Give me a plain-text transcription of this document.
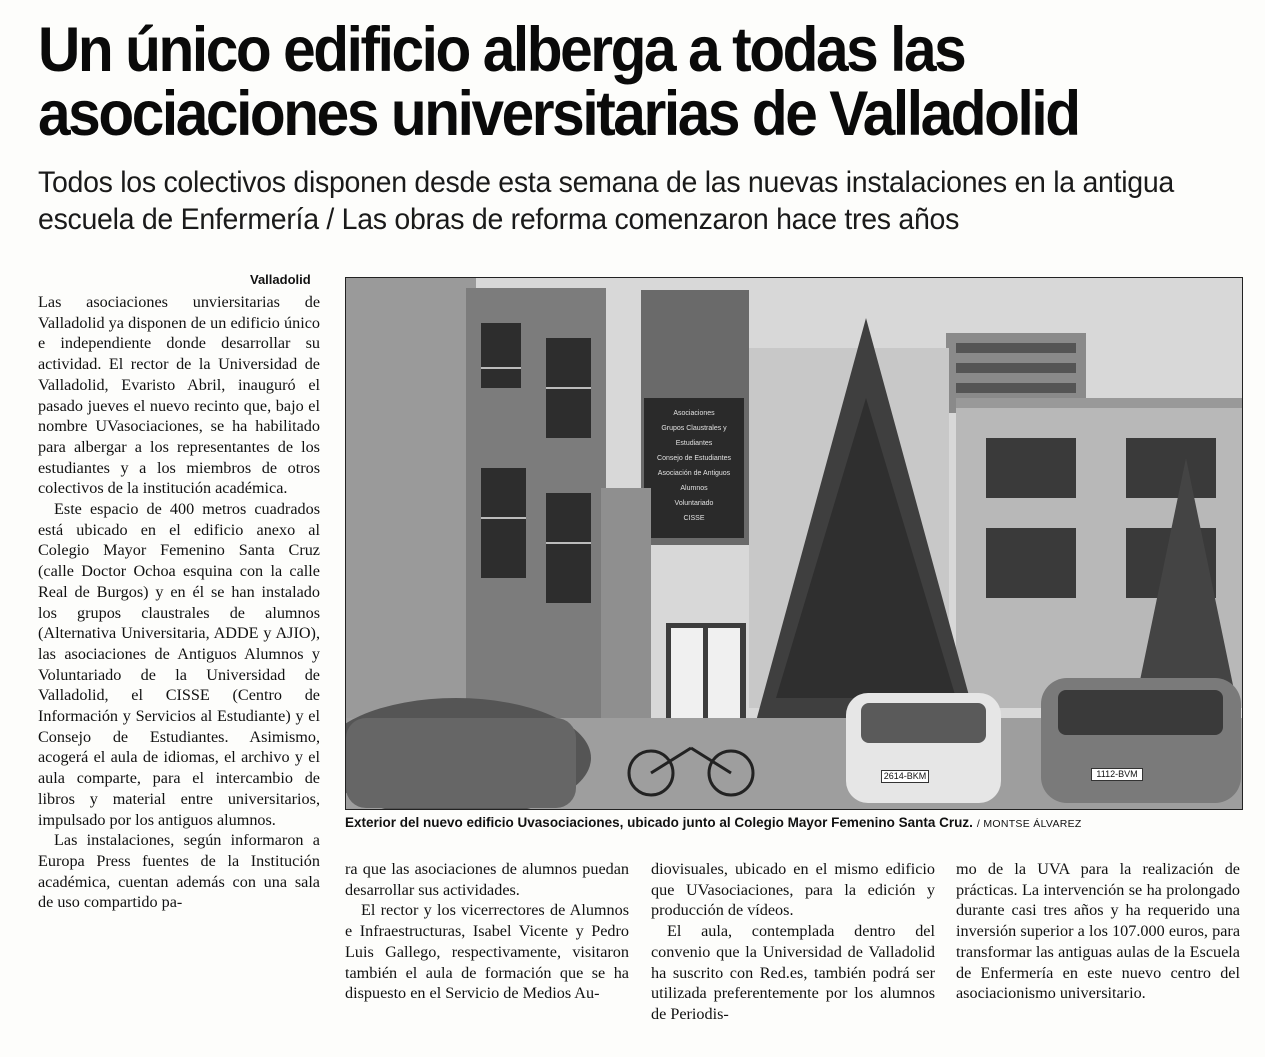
Un único edificio alberga a todas las
asociaciones universitarias de Valladolid
Todos los colectivos disponen desde esta semana de las nuevas instalaciones en la antigua escuela de Enfermería / Las obras de reforma comenzaron hace tres años
Valladolid

Las asociaciones unviersitarias de Valladolid ya disponen de un edificio único e independiente donde desarrollar su actividad. El rector de la Universidad de Valladolid, Evaristo Abril, inauguró el pasado jueves el nuevo recinto que, bajo el nombre UVasociaciones, se ha habilitado para albergar a los representantes de los estudiantes y a los miembros de otros colectivos de la institución académica.

Este espacio de 400 metros cuadrados está ubicado en el edificio anexo al Colegio Mayor Femenino Santa Cruz (calle Doctor Ochoa esquina con la calle Real de Burgos) y en él se han instalado los grupos claustrales de alumnos (Alternativa Universitaria, ADDE y AJIO), las asociaciones de Antiguos Alumnos y Voluntariado de la Universidad de Valladolid, el CISSE (Centro de Información y Servicios al Estudiante) y el Consejo de Estudiantes. Asimismo, acogerá el aula de idiomas, el archivo y el aula comparte, para el intercambio de libros y material entre universitarios, impulsado por los antiguos alumnos.

Las instalaciones, según informaron a Europa Press fuentes de la Institución académica, cuentan además con una sala de uso compartido pa-

ra que las asociaciones de alumnos puedan desarrollar sus actividades.

El rector y los vicerrectores de Alumnos e Infraestructuras, Isabel Vicente y Pedro Luis Gallego, respectivamente, visitaron también el aula de formación que se ha dispuesto en el Servicio de Medios Au-

diovisuales, ubicado en el mismo edificio que UVasociaciones, para la edición y producción de vídeos.

El aula, contemplada dentro del convenio que la Universidad de Valladolid ha suscrito con Red.es, también podrá ser utilizada preferentemente por los alumnos de Periodis-

mo de la UVA para la realización de prácticas. La intervención se ha prolongado durante casi tres años y ha requerido una inversión superior a los 107.000 euros, para transformar las antiguas aulas de la Escuela de Enfermería en este nuevo centro del asociacionismo universitario.

Asociaciones
Grupos Claustrales y Estudiantes
Consejo de Estudiantes
Asociación de Antiguos Alumnos
Voluntariado
CISSE
2614-BKM	1112-BVM
Exterior del nuevo edificio Uvasociaciones, ubicado junto al Colegio Mayor Femenino Santa Cruz. / MONTSE ÁLVAREZ
